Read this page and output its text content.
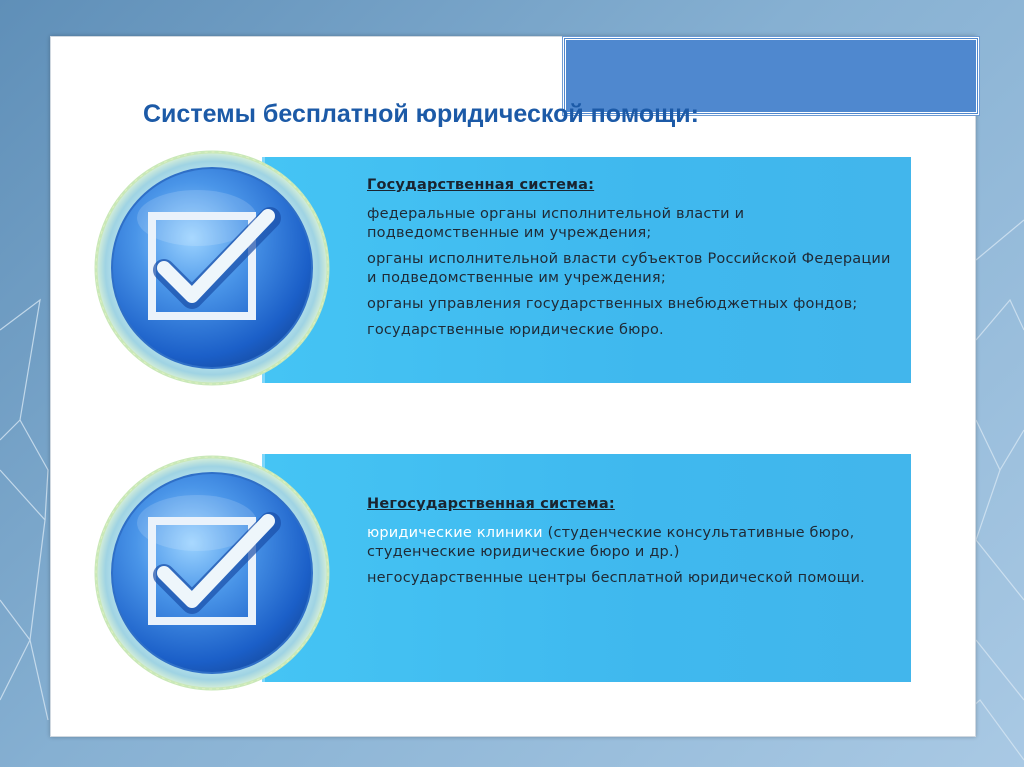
Системы бесплатной юридической помощи:

Государственная система:

федеральные органы исполнительной власти и подведомственные им учреждения;

органы исполнительной власти субъектов Российской Федерации и подведомственные им учреждения;

органы управления государственных внебюджетных фондов;

государственные юридические бюро.

Негосударственная система:

юридические клиники (студенческие консультативные бюро, студенческие юридические бюро и др.)

негосударственные центры бесплатной юридической помощи.
